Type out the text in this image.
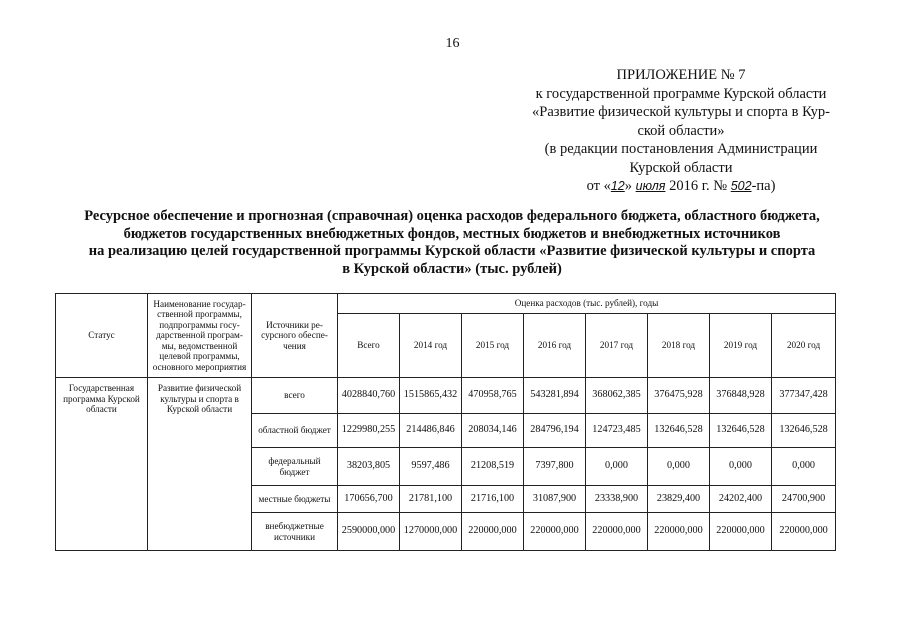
16
ПРИЛОЖЕНИЕ № 7
к государственной программе Курской области
«Развитие физической культуры и спорта в Кур-
ской области»
(в редакции постановления Администрации
Курской области
от «12» июля 2016 г. № 502-па)
Ресурсное обеспечение и прогнозная (справочная) оценка расходов федерального бюджета, областного бюджета,
бюджетов государственных внебюджетных фондов, местных бюджетов и внебюджетных источников
на реализацию целей государственной программы Курской области «Развитие физической культуры и спорта
в Курской области» (тыс. рублей)
Статус	Наименование государ-ственной программы, подпрограммы госу-дарственной програм-мы, ведомственной целевой программы, основного мероприятия	Источники ре-сурсного обеспе-чения	Оценка расходов (тыс. рублей), годы							
			Всего	2014 год	2015 год	2016 год	2017 год	2018 год	2019 год	2020 год
Государственная программа Курской области	Развитие физической культуры и спорта в Курской области	всего	4028840,760	1515865,432	470958,765	543281,894	368062,385	376475,928	376848,928	377347,428
		областной бюджет	1229980,255	214486,846	208034,146	284796,194	124723,485	132646,528	132646,528	132646,528
		федеральный бюджет	38203,805	9597,486	21208,519	7397,800	0,000	0,000	0,000	0,000
		местные бюджеты	170656,700	21781,100	21716,100	31087,900	23338,900	23829,400	24202,400	24700,900
		внебюджетные источники	2590000,000	1270000,000	220000,000	220000,000	220000,000	220000,000	220000,000	220000,000
